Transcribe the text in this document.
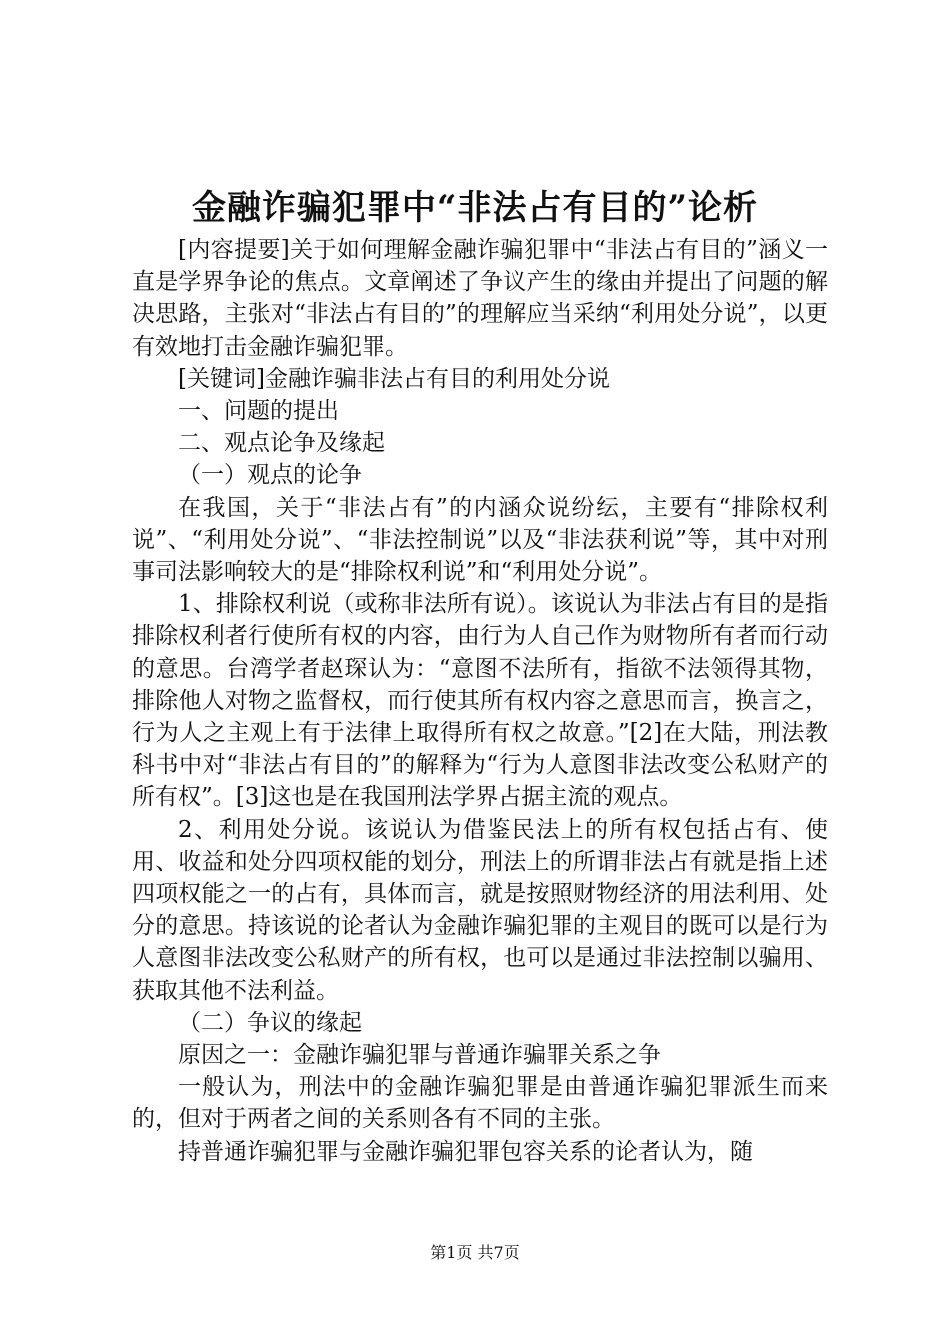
金融诈骗犯罪中“非法占有目的”论析

[内容提要]关于如何理解金融诈骗犯罪中“非法占有目的”涵义一直是学界争论的焦点。文章阐述了争议产生的缘由并提出了问题的解决思路，主张对“非法占有目的”的理解应当采纳“利用处分说”，以更有效地打击金融诈骗犯罪。

[关键词]金融诈骗非法占有目的利用处分说

一、问题的提出

二、观点论争及缘起

（一）观点的论争

在我国，关于“非法占有”的内涵众说纷纭，主要有“排除权利说”、“利用处分说”、“非法控制说”以及“非法获利说”等，其中对刑事司法影响较大的是“排除权利说”和“利用处分说”。

1、排除权利说（或称非法所有说）。该说认为非法占有目的是指排除权利者行使所有权的内容，由行为人自己作为财物所有者而行动的意思。台湾学者赵琛认为：“意图不法所有，指欲不法领得其物，排除他人对物之监督权，而行使其所有权内容之意思而言，换言之，行为人之主观上有于法律上取得所有权之故意。”[2]在大陆，刑法教科书中对“非法占有目的”的解释为“行为人意图非法改变公私财产的所有权”。[3]这也是在我国刑法学界占据主流的观点。

2、利用处分说。该说认为借鉴民法上的所有权包括占有、使用、收益和处分四项权能的划分，刑法上的所谓非法占有就是指上述四项权能之一的占有，具体而言，就是按照财物经济的用法利用、处分的意思。持该说的论者认为金融诈骗犯罪的主观目的既可以是行为人意图非法改变公私财产的所有权，也可以是通过非法控制以骗用、获取其他不法利益。

（二）争议的缘起

原因之一：金融诈骗犯罪与普通诈骗罪关系之争

一般认为，刑法中的金融诈骗犯罪是由普通诈骗犯罪派生而来的，但对于两者之间的关系则各有不同的主张。

持普通诈骗犯罪与金融诈骗犯罪包容关系的论者认为，随

第1页 共7页
